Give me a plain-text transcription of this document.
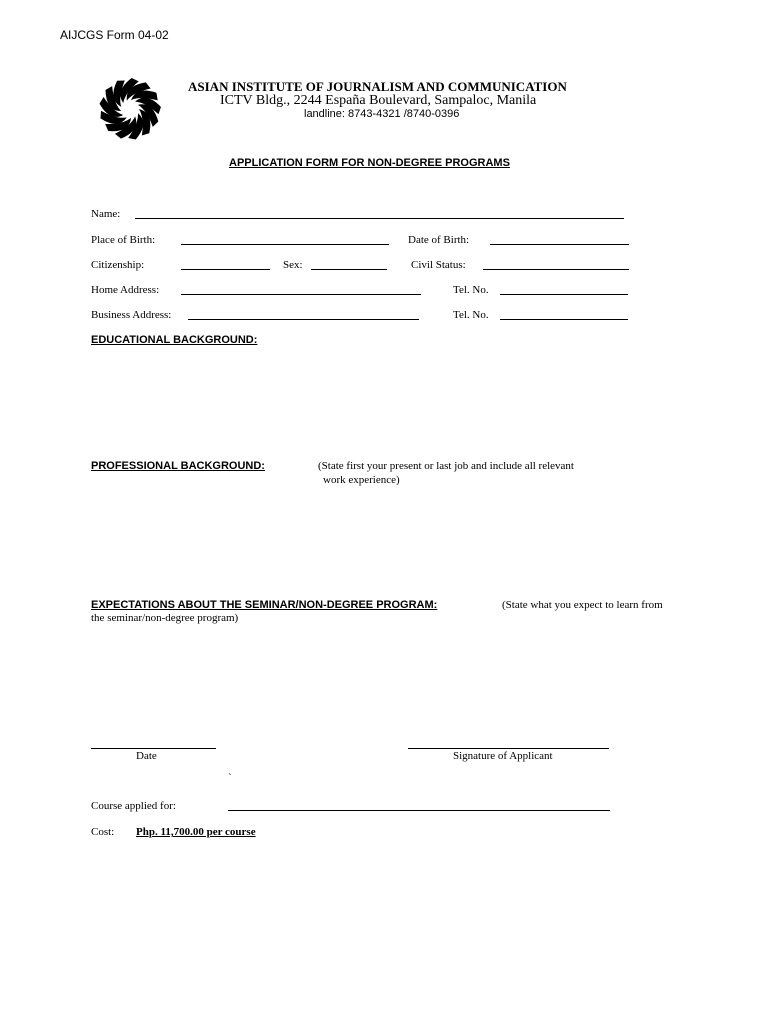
AIJCGS Form 04-02
ASIAN INSTITUTE OF JOURNALISM AND COMMUNICATION
ICTV Bldg., 2244 España Boulevard, Sampaloc, Manila
landline: 8743-4321 /8740-0396
APPLICATION FORM FOR NON-DEGREE PROGRAMS
Name:
Place of Birth:	Date of Birth:
Citizenship:	Sex:	Civil Status:
Home Address:	Tel. No.
Business Address:	Tel. No.
EDUCATIONAL BACKGROUND:
PROFESSIONAL BACKGROUND:	(State first your present or last job and include all relevant
work experience)
EXPECTATIONS ABOUT THE SEMINAR/NON-DEGREE PROGRAM:	(State what you expect to learn from
the seminar/non-degree program)
Date	Signature of Applicant
`
Course applied for:
Cost: Php. 11,700.00 per course
